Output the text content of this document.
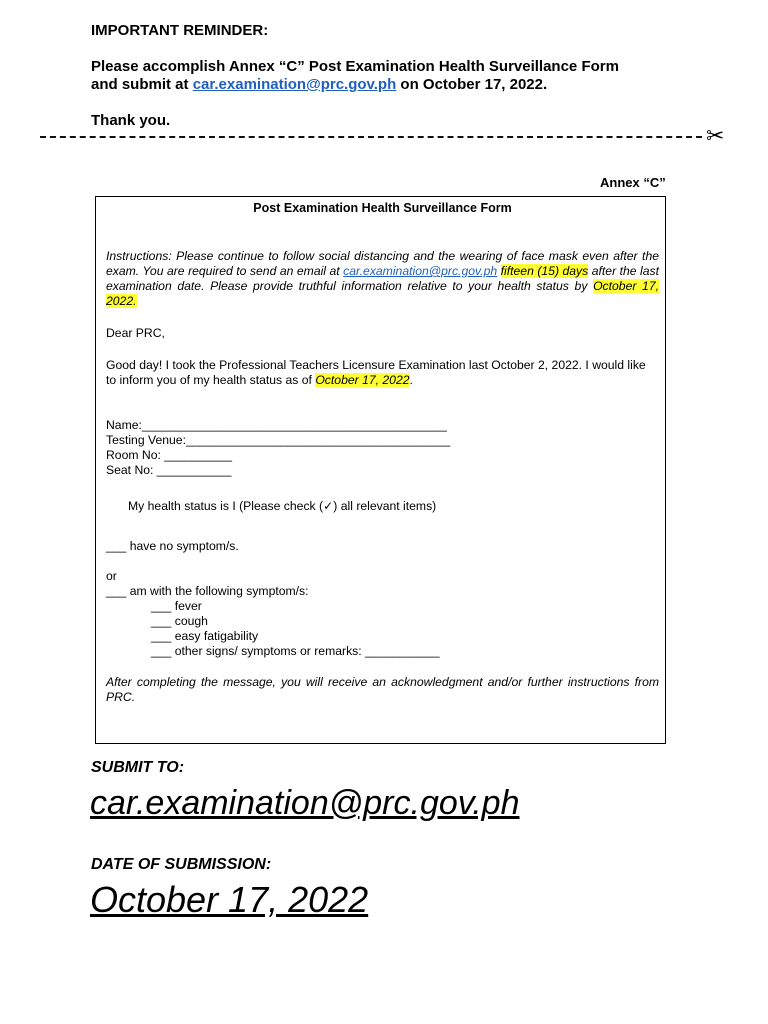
IMPORTANT REMINDER:

Please accomplish Annex “C” Post Examination Health Surveillance Form

and submit at car.examination@prc.gov.ph on October 17, 2022.

Thank you.

✂
Annex “C”
Post Examination Health Surveillance Form
Instructions: Please continue to follow social distancing and the wearing of face mask even after the exam. You are required to send an email at car.examination@prc.gov.ph fifteen (15) days after the last examination date. Please provide truthful information relative to your health status by October 17, 2022.
Dear PRC,
Good day! I took the Professional Teachers Licensure Examination last October 2, 2022. I would like to inform you of my health status as of October 17, 2022.
Name:_____________________________________________
Testing Venue:_______________________________________
Room No: __________
Seat No: ___________
My health status is I (Please check (✓) all relevant items)
___ have no symptom/s.
or
___ am with the following symptom/s:
___ fever
___ cough
___ easy fatigability
___ other signs/ symptoms or remarks: ___________
After completing the message, you will receive an acknowledgment and/or further instructions from PRC.
SUBMIT TO:
car.examination@prc.gov.ph
DATE OF SUBMISSION:
October 17, 2022
